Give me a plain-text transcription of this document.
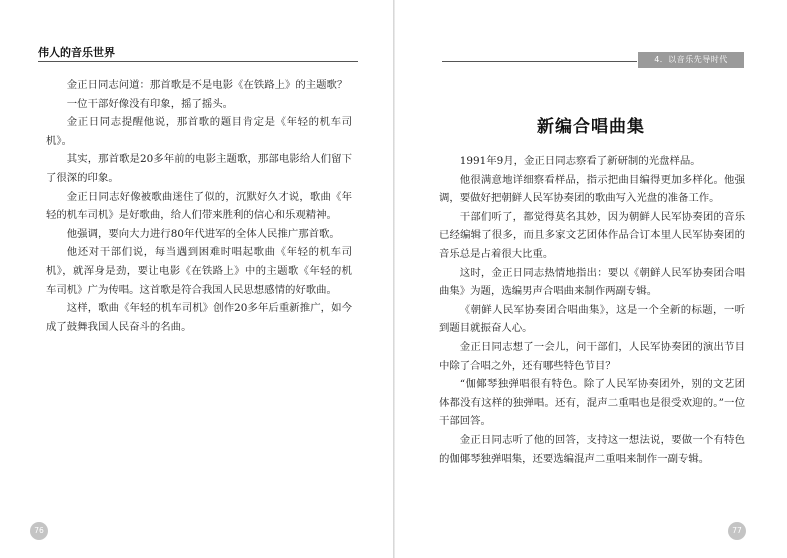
伟人的音乐世界

金正日同志问道：那首歌是不是电影《在铁路上》的主题歌？

一位干部好像没有印象，摇了摇头。

金正日同志提醒他说，那首歌的题目肯定是《年轻的机车司机》。

其实，那首歌是20多年前的电影主题歌，那部电影给人们留下了很深的印象。

金正日同志好像被歌曲迷住了似的，沉默好久才说，歌曲《年轻的机车司机》是好歌曲，给人们带来胜利的信心和乐观精神。

他强调，要向大力进行80年代进军的全体人民推广那首歌。

他还对干部们说，每当遇到困难时唱起歌曲《年轻的机车司机》，就浑身是劲，要让电影《在铁路上》中的主题歌《年轻的机车司机》广为传唱。这首歌是符合我国人民思想感情的好歌曲。

这样，歌曲《年轻的机车司机》创作20多年后重新推广，如今成了鼓舞我国人民奋斗的名曲。

76
4．以音乐先导时代
新编合唱曲集

1991年9月，金正日同志察看了新研制的光盘样品。

他很满意地详细察看样品，指示把曲目编得更加多样化。他强调，要做好把朝鲜人民军协奏团的歌曲写入光盘的准备工作。

干部们听了，都觉得莫名其妙，因为朝鲜人民军协奏团的音乐已经编辑了很多，而且多家文艺团体作品合订本里人民军协奏团的音乐总是占着很大比重。

这时，金正日同志热情地指出：要以《朝鲜人民军协奏团合唱曲集》为题，选编男声合唱曲来制作两副专辑。

《朝鲜人民军协奏团合唱曲集》，这是一个全新的标题，一听到题目就振奋人心。

金正日同志想了一会儿，问干部们，人民军协奏团的演出节目中除了合唱之外，还有哪些特色节目？

“伽倻琴独弹唱很有特色。除了人民军协奏团外，别的文艺团体都没有这样的独弹唱。还有，混声二重唱也是很受欢迎的。”一位干部回答。

金正日同志听了他的回答，支持这一想法说，要做一个有特色的伽倻琴独弹唱集，还要选编混声二重唱来制作一副专辑。

77
